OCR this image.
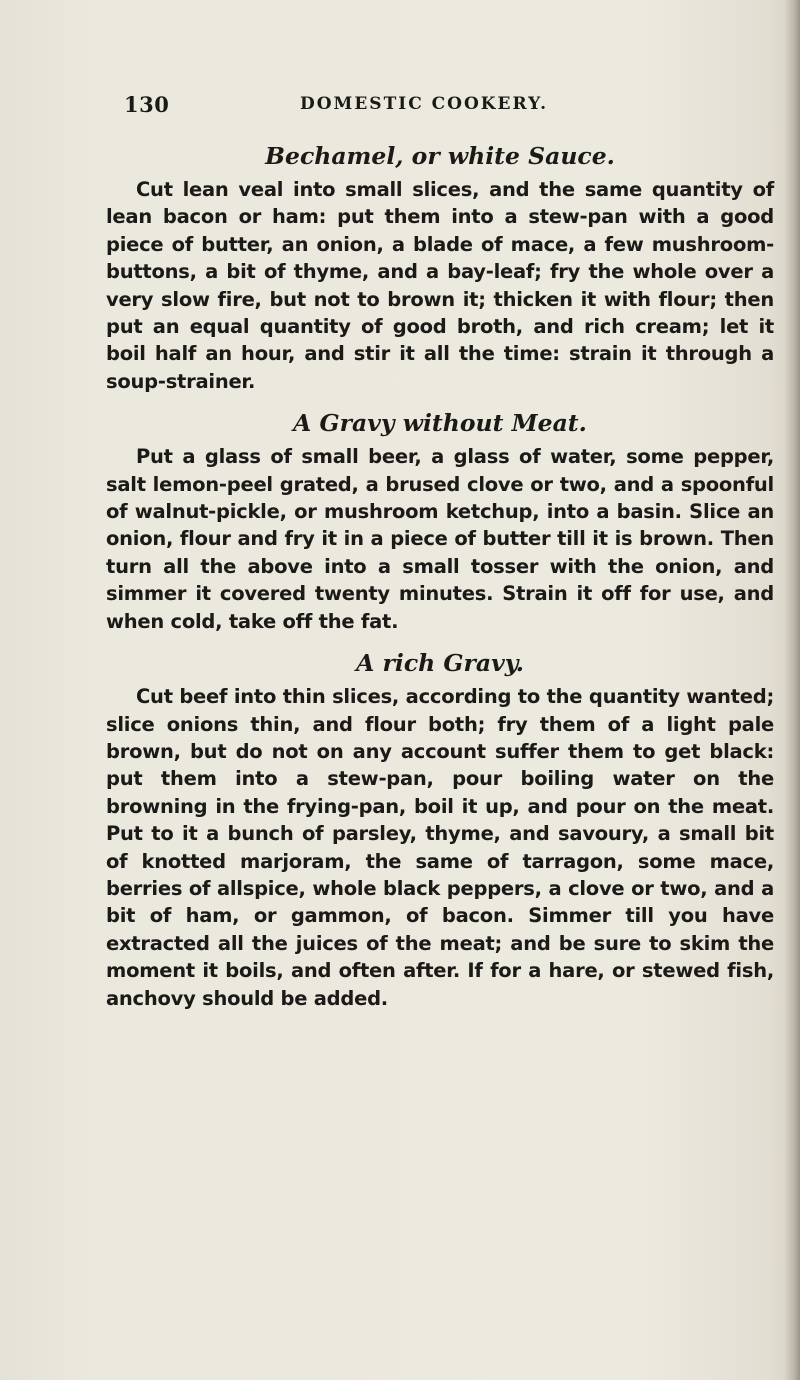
130	DOMESTIC COOKERY.
Bechamel, or white Sauce.

Cut lean veal into small slices, and the same quantity of lean bacon or ham: put them into a stew-pan with a good piece of butter, an onion, a blade of mace, a few mushroom-buttons, a bit of thyme, and a bay-leaf; fry the whole over a very slow fire, but not to brown it; thicken it with flour; then put an equal quantity of good broth, and rich cream; let it boil half an hour, and stir it all the time: strain it through a soup-strainer.

A Gravy without Meat.

Put a glass of small beer, a glass of water, some pepper, salt lemon-peel grated, a brused clove or two, and a spoonful of walnut-pickle, or mushroom ketchup, into a basin. Slice an onion, flour and fry it in a piece of butter till it is brown. Then turn all the above into a small tosser with the onion, and simmer it covered twenty minutes. Strain it off for use, and when cold, take off the fat.

A rich Gravy.

Cut beef into thin slices, according to the quantity wanted; slice onions thin, and flour both; fry them of a light pale brown, but do not on any account suffer them to get black: put them into a stew-pan, pour boiling water on the browning in the frying-pan, boil it up, and pour on the meat. Put to it a bunch of parsley, thyme, and savoury, a small bit of knotted marjoram, the same of tarragon, some mace, berries of allspice, whole black peppers, a clove or two, and a bit of ham, or gammon, of bacon. Simmer till you have extracted all the juices of the meat; and be sure to skim the moment it boils, and often after. If for a hare, or stewed fish, anchovy should be added.
